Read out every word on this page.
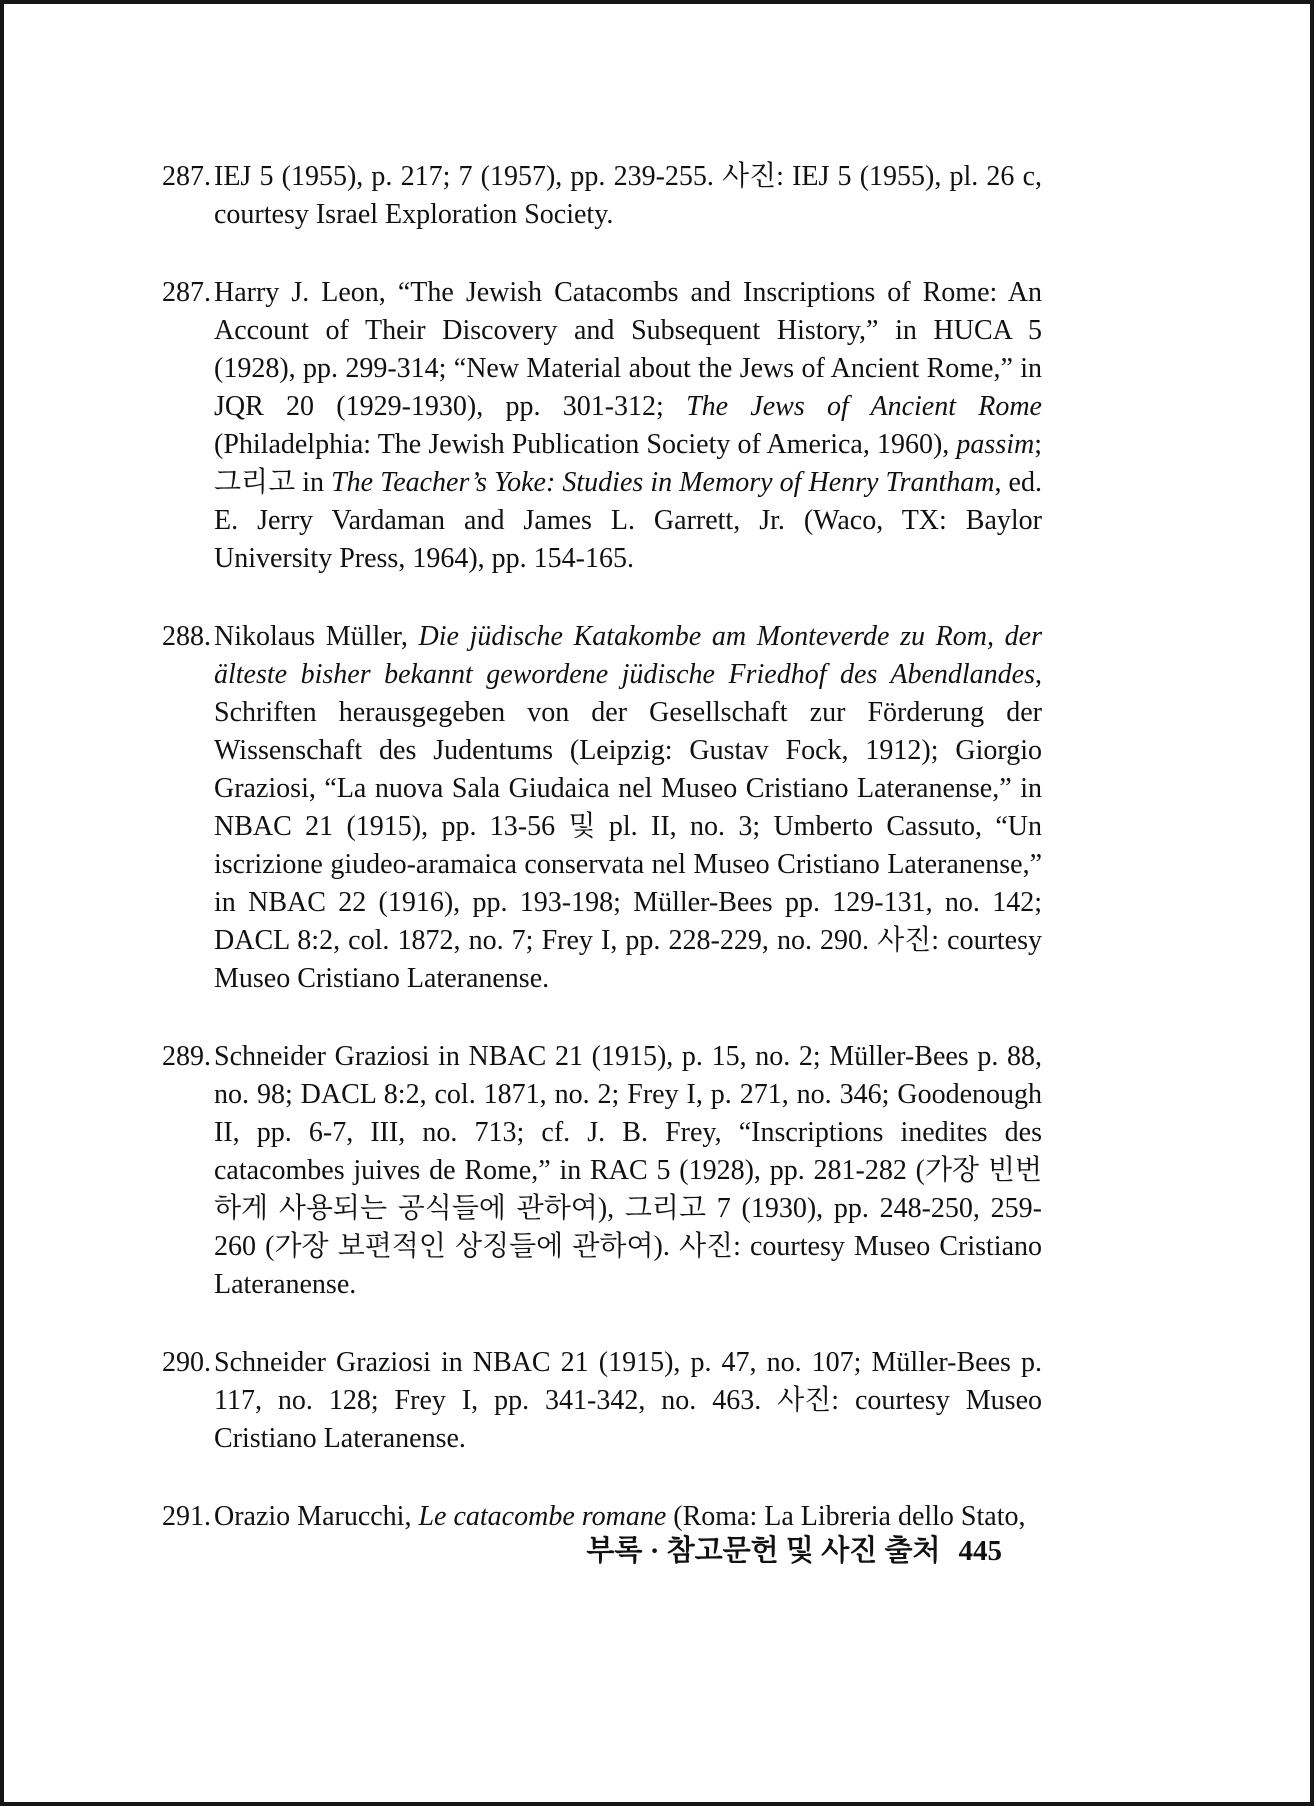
287. IEJ 5 (1955), p. 217; 7 (1957), pp. 239-255. 사진: IEJ 5 (1955), pl. 26 c, courtesy Israel Exploration Society.
287. Harry J. Leon, “The Jewish Catacombs and Inscriptions of Rome: An Account of Their Discovery and Subsequent History,” in HUCA 5 (1928), pp. 299-314; “New Material about the Jews of Ancient Rome,” in JQR 20 (1929-1930), pp. 301-312; The Jews of Ancient Rome (Philadelphia: The Jewish Publication Society of America, 1960), passim; 그리고 in The Teacher’s Yoke: Studies in Memory of Henry Trantham, ed. E. Jerry Vardaman and James L. Garrett, Jr. (Waco, TX: Baylor University Press, 1964), pp. 154-165.
288. Nikolaus Müller, Die jüdische Katakombe am Monteverde zu Rom, der älteste bisher bekannt gewordene jüdische Friedhof des Abendlandes, Schriften herausgegeben von der Gesellschaft zur Förderung der Wissenschaft des Judentums (Leipzig: Gustav Fock, 1912); Giorgio Graziosi, “La nuova Sala Giudaica nel Museo Cristiano Lateranense,” in NBAC 21 (1915), pp. 13-56 및 pl. II, no. 3; Umberto Cassuto, “Un iscrizione giudeo-aramaica conservata nel Museo Cristiano Lateranense,” in NBAC 22 (1916), pp. 193-198; Müller-Bees pp. 129-131, no. 142; DACL 8:2, col. 1872, no. 7; Frey I, pp. 228-229, no. 290. 사진: courtesy Museo Cristiano Lateranense.
289. Schneider Graziosi in NBAC 21 (1915), p. 15, no. 2; Müller-Bees p. 88, no. 98; DACL 8:2, col. 1871, no. 2; Frey I, p. 271, no. 346; Goodenough II, pp. 6-7, III, no. 713; cf. J. B. Frey, “Inscriptions inedites des catacombes juives de Rome,” in RAC 5 (1928), pp. 281-282 (가장 빈번하게 사용되는 공식들에 관하여), 그리고 7 (1930), pp. 248-250, 259-260 (가장 보편적인 상징들에 관하여). 사진: courtesy Museo Cristiano Lateranense.
290. Schneider Graziosi in NBAC 21 (1915), p. 47, no. 107; Müller-Bees p. 117, no. 128; Frey I, pp. 341-342, no. 463. 사진: courtesy Museo Cristiano Lateranense.
291. Orazio Marucchi, Le catacombe romane (Roma: La Libreria dello Stato,
부록 · 참고문헌 및 사진 출처 445
